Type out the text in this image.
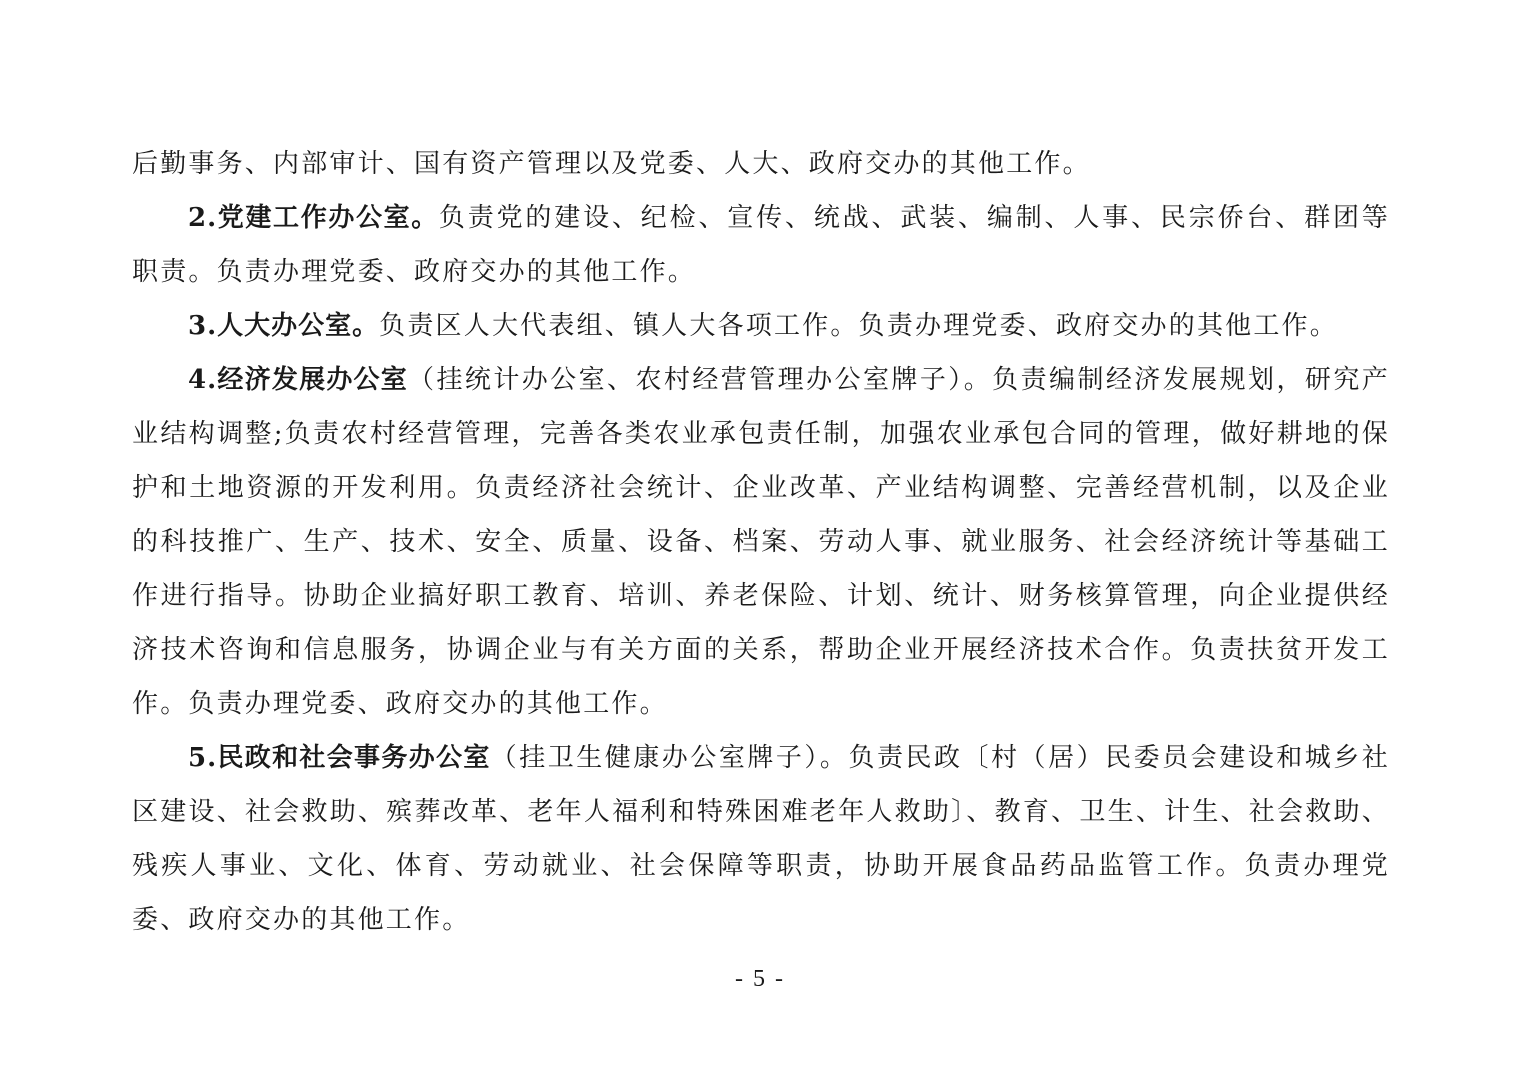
后勤事务、内部审计、国有资产管理以及党委、人大、政府交办的其他工作。

2.党建工作办公室。负责党的建设、纪检、宣传、统战、武装、编制、人事、民宗侨台、群团等职责。负责办理党委、政府交办的其他工作。

3.人大办公室。负责区人大代表组、镇人大各项工作。负责办理党委、政府交办的其他工作。

4.经济发展办公室（挂统计办公室、农村经营管理办公室牌子）。负责编制经济发展规划，研究产业结构调整;负责农村经营管理，完善各类农业承包责任制，加强农业承包合同的管理，做好耕地的保护和土地资源的开发利用。负责经济社会统计、企业改革、产业结构调整、完善经营机制，以及企业的科技推广、生产、技术、安全、质量、设备、档案、劳动人事、就业服务、社会经济统计等基础工作进行指导。协助企业搞好职工教育、培训、养老保险、计划、统计、财务核算管理，向企业提供经济技术咨询和信息服务，协调企业与有关方面的关系，帮助企业开展经济技术合作。负责扶贫开发工作。负责办理党委、政府交办的其他工作。

5.民政和社会事务办公室（挂卫生健康办公室牌子）。负责民政〔村（居）民委员会建设和城乡社区建设、社会救助、殡葬改革、老年人福利和特殊困难老年人救助〕、教育、卫生、计生、社会救助、残疾人事业、文化、体育、劳动就业、社会保障等职责，协助开展食品药品监管工作。负责办理党委、政府交办的其他工作。

- 5 -
